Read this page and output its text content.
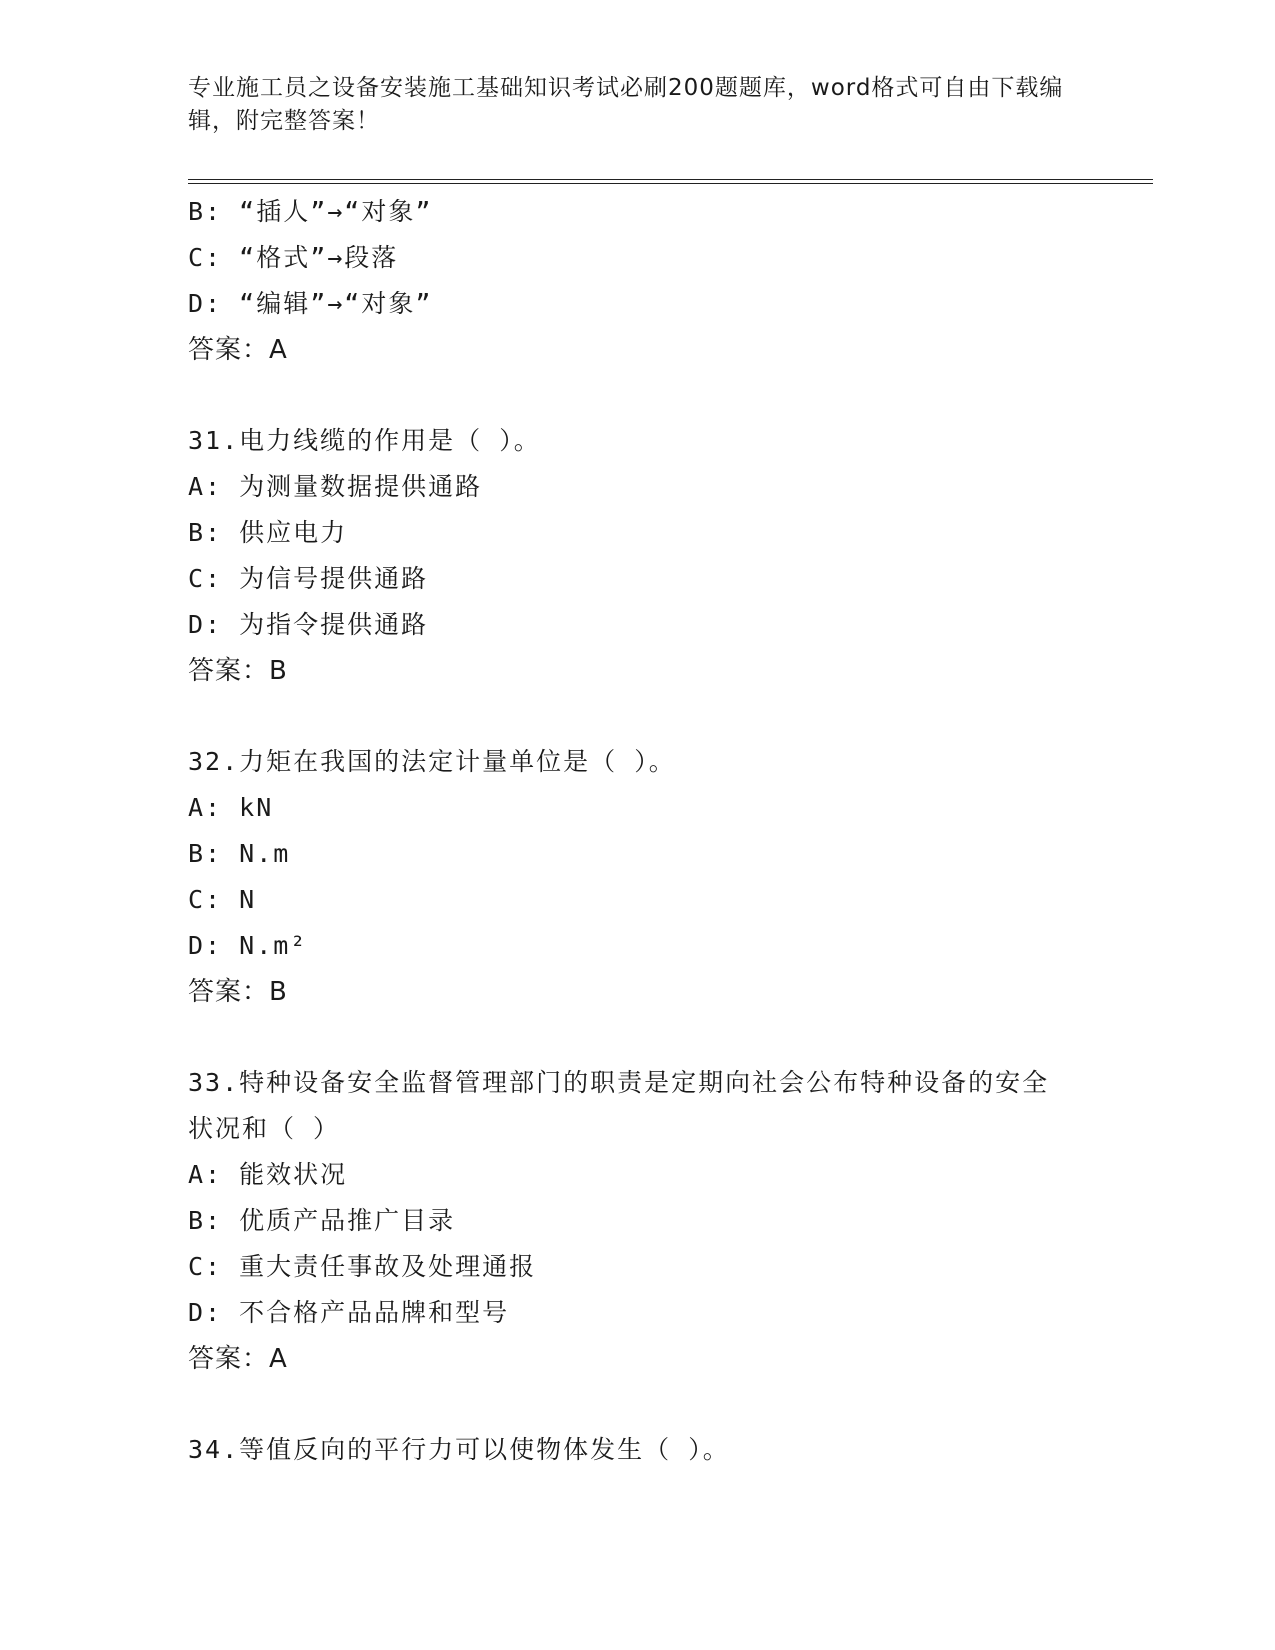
专业施工员之设备安装施工基础知识考试必刷200题题库，word格式可自由下载编辑，附完整答案！
B: “插人”→“对象”
C: “格式”→段落
D: “编辑”→“对象”
答案：A
31.电力线缆的作用是（ ）。
A: 为测量数据提供通路
B: 供应电力
C: 为信号提供通路
D: 为指令提供通路
答案：B
32.力矩在我国的法定计量单位是（ ）。
A: kN
B: N.m
C: N
D: N.m²
答案：B
33.特种设备安全监督管理部门的职责是定期向社会公布特种设备的安全状况和（ ）
A: 能效状况
B: 优质产品推广目录
C: 重大责任事故及处理通报
D: 不合格产品品牌和型号
答案：A
34.等值反向的平行力可以使物体发生（ ）。
